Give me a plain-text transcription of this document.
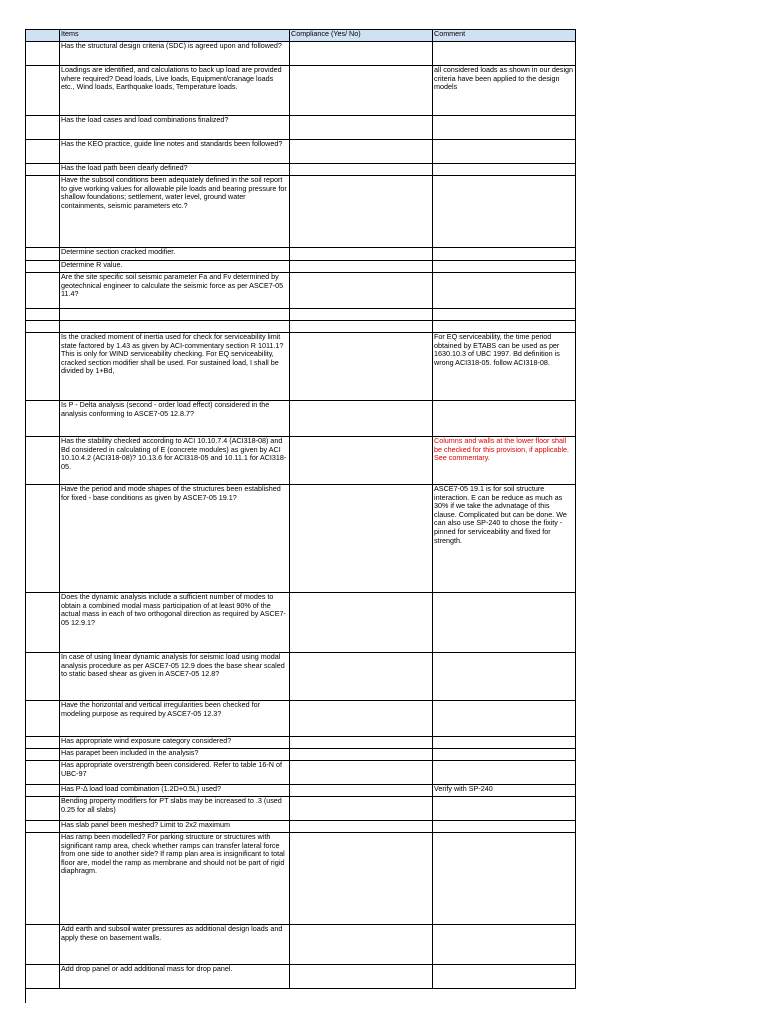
	Items	Compliance (Yes/ No)	Comment
	Has the structural design criteria (SDC) is agreed upon and followed?		
	Loadings are identified, and calculations to back up load are provided where required? Dead loads, Live loads, Equipment/cranage loads etc., Wind loads, Earthquake loads, Temperature loads.		all considered loads as shown in our design criteria have been applied to the design models
	Has the load cases and load combinations finalized?		
	Has the KEO practice, guide line notes and standards been followed?		
	Has the load path been clearly defined?		
	Have the subsoil conditions been adequately defined in the soil report to give working values for allowable pile loads and bearing pressure for shallow foundations; settlement, water level, ground water containments, seismic parameters etc.?		
	Determine section cracked modifier.		
	Determine R value.		
	Are the site specific soil seismic parameter Fa and Fv determined by geotechnical engineer to calculate the seismic force as per ASCE7-05 11.4?		

	Is the cracked moment of inertia used for check for serviceability limit state factored by 1.43 as given by ACI-commentary section R 1011.1? This is only for WIND serviceability checking. For EQ serviceability, cracked section modifier shall be used. For sustained load, I shall be divided by 1+Bd,		For EQ serviceability, the time period obtained by ETABS can be used as per 1630.10.3 of UBC 1997. Bd definition is wrong ACI318-05. follow ACI318-08.
	Is P - Delta analysis (second - order load effect) considered in the analysis conforming to ASCE7-05 12.8.7?		
	Has the stability checked according to ACI 10.10.7.4 (ACI318-08) and Bd considered in calculating of E (concrete modules) as given by ACI 10.10.4.2 (ACI318-08)? 10.13.6 for ACI318-05 and 10.11.1 for ACI318-05.		Columns and walls at the lower floor shall be checked for this provision, if applicable. See commentary.
	Have the period and mode shapes of the structures been established for fixed - base conditions as given by ASCE7-05 19.1?		ASCE7-05 19.1 is for soil structure interaction. E can be reduce as much as 30% if we take the advnatage of this clause. Complicated but can be done. We can also use SP-240 to chose the fixity - pinned for serviceability and fixed for strength.
	Does the dynamic analysis include a sufficient number of modes to obtain a combined modal mass participation of at least 90% of the actual mass in each of two orthogonal direction as required by ASCE7-05 12.9.1?		
	In case of using linear dynamic analysis for seismic load using modal analysis procedure as per ASCE7-05 12.9 does the base shear scaled to static based shear as given in ASCE7-05 12.8?		
	Have the horizontal and vertical irregularities been checked for modeling purpose as required by ASCE7-05 12.3?		
	Has appropriate wind exposure category considered?		
	Has parapet been included in the analysis?		
	Has appropriate overstrength been considered. Refer to table 16-N of UBC-97		
	Has P-Δ load load combination (1.2D+0.5L) used?		Verify with SP-240
	Bending property modifiers for PT slabs may be increased to .3 (used 0.25 for all slabs)		
	Has slab panel been meshed? Limit to 2x2 maximum		
	Has ramp been modelled? For parking structure or structures with significant ramp area, check whether ramps can transfer lateral force from one side to another side? If ramp plan area is insignificant to total floor are, model the ramp as membrane and should not be part of rigid diaphragm.		
	Add earth and subsoil water pressures as additional design loads and apply these on basement walls.		
	Add drop panel or add additional mass for drop panel.		
